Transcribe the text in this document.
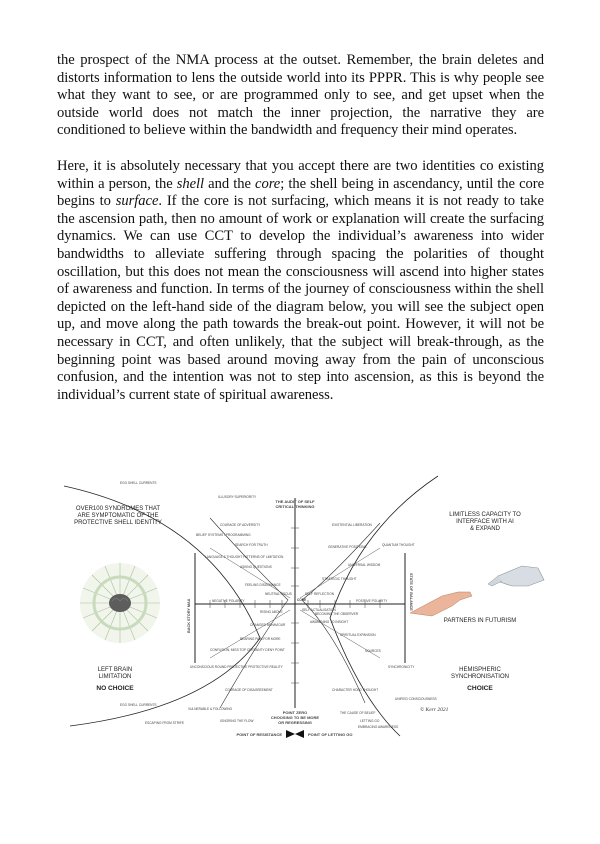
the prospect of the NMA process at the outset. Remember, the brain deletes and distorts information to lens the outside world into its PPPR. This is why people see what they want to see, or are programmed only to see, and get upset when the outside world does not match the inner projection, the narrative they are conditioned to believe within the bandwidth and frequency their mind operates.
Here, it is absolutely necessary that you accept there are two identities co existing within a person, the shell and the core; the shell being in ascendancy, until the core begins to surface. If the core is not surfacing, which means it is not ready to take the ascension path, then no amount of work or explanation will create the surfacing dynamics. We can use CCT to develop the individual’s awareness into wider bandwidths to alleviate suffering through spacing the polarities of thought oscillation, but this does not mean the consciousness will ascend into higher states of awareness and function. In terms of the journey of consciousness within the shell depicted on the left-hand side of the diagram below, you will see the subject open up, and move along the path towards the break-out point. However, it will not be necessary in CCT, and often unlikely, that the subject will break-through, as the beginning point was based around moving away from the pain of unconscious confusion, and the intention was not to step into ascension, as this is beyond the individual’s current state of spiritual awareness.
OVER100 SYNDROMES THAT
ARE SYMPTOMATIC OF THE
PROTECTIVE SHELL IDENTITY
LEFT BRAIN
LIMITATION
NO CHOICE
LIMITLESS CAPACITY TO
INTERFACE WITH AI
& EXPAND
PARTNERS IN FUTURISM
HEMISPHERIC
SYNCHRONISATION
CHOICE
THE AUDIT OF SELF
CRITICAL THINKING
POINT ZERO
CHOOSING TO BE MORE
OR REGRESSING
POINT OF RESISTANCE	POINT OF LETTING GO
© Kerr 2021
BACK STORY MAX
STATE OF BALANCE
EGO SHELL CURRENTS
ILLUSORY SUPERIORITY
COURAGE OF ADVERSITY	EXISTENTIAL LIBERATION
BELIEF SYSTEMS / PROGRAMMING
LANGUAGE & THOUGHT PATTERNS OF LIMITATION
ASKING QUESTIONS
FEELING DISSONANCE
NEUTRAL FOCUS	SELF REFLECTION
STRATEGIC THOUGHT
UNIVERSAL WISDOM
QUANTUM THOUGHT
NEGATIVE POLARITY	POSITIVE POLARITY
CHANGED BEHAVIOUR
BEARING PAIN FOR MORE
CONFUSION, MISS TOP CERTAINTY DENY POINT
AWAKENING TO INSIGHT
SPIRITUAL EXPANSION
SOURCES
SYNCHRONICITY
UNCONSCIOUS ROUND PROJECTIVE PROTECTIVE REALITY
COURAGE OF DISAGREEMENT	CHARACTER HOLD THOUGHT
UNIFIED CONSCIOUSNESS
EGO SHELL CURRENTS
VULNERABLE & FOLLOWING
IGNORING THE FLOW
THE CAUSE OF BELIEF
ESCAPING FROM STRIFE	LETTING GO
EMBRACING AWARENESS
CORE
SELF ACTUALISATION
BECOMING THE OBSERVER
SEARCH FOR TRUTH	GENERATIVE POSITIONS
RISING ABOVE
